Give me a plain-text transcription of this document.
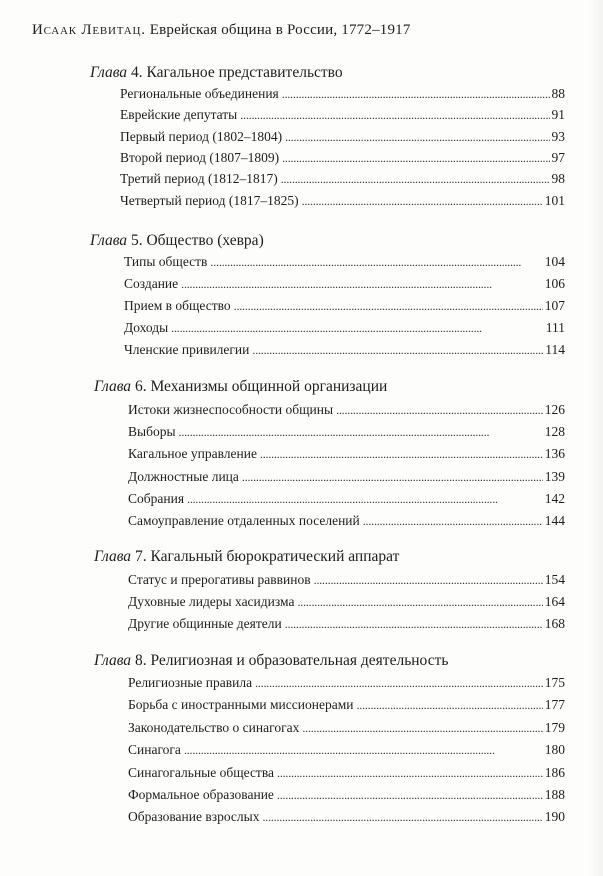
Исаак Левитац. Еврейская община в России, 1772–1917
Глава 4. Кагальное представительство
Региональные объединения . . .	88
Еврейские депутаты . . .	91
Первый период (1802–1804) . . .	93
Второй период (1807–1809) . . .	97
Третий период (1812–1817) . . .	98
Четвертый период (1817–1825) . . .	101
Глава 5. Общество (хевра)
Типы обществ . . .	104
Создание . . .	106
Прием в общество . . .	107
Доходы . . .	111
Членские привилегии . . .	114
Глава 6. Механизмы общинной организации
Истоки жизнеспособности общины . . .	126
Выборы . . .	128
Кагальное управление . . .	136
Должностные лица . . .	139
Собрания . . .	142
Самоуправление отдаленных поселений . . .	144
Глава 7. Кагальный бюрократический аппарат
Статус и прерогативы раввинов . . .	154
Духовные лидеры хасидизма . . .	164
Другие общинные деятели . . .	168
Глава 8. Религиозная и образовательная деятельность
Религиозные правила . . .	175
Борьба с иностранными миссионерами . . .	177
Законодательство о синагогах . . .	179
Синагога . . .	180
Синагогальные общества . . .	186
Формальное образование . . .	188
Образование взрослых . . .	190
